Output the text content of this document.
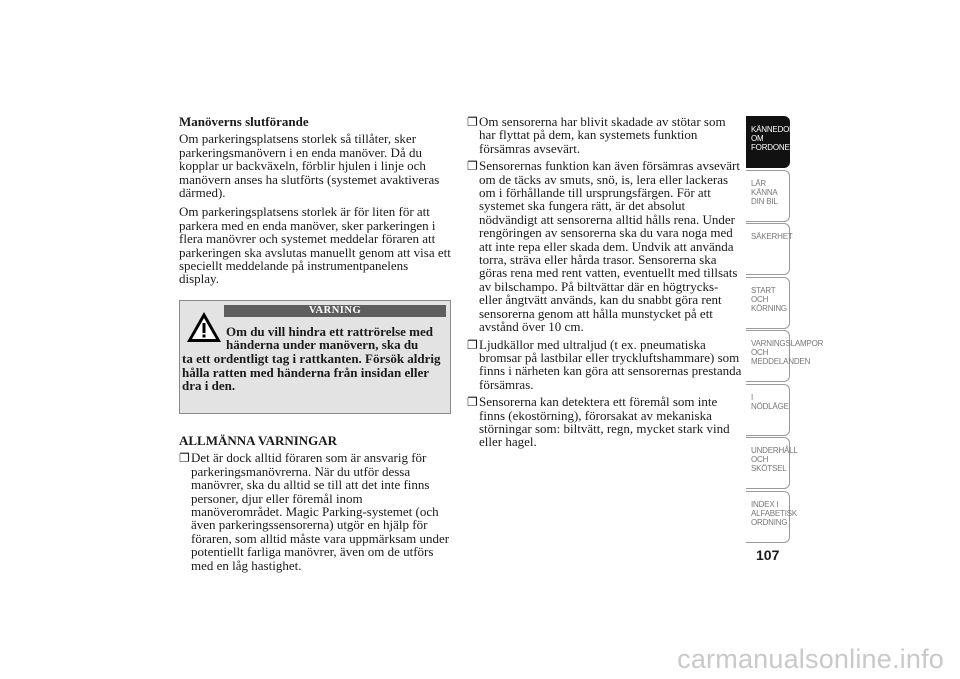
Manöverns slutförande

Om parkeringsplatsens storlek så tillåter, sker parkeringsmanövern i en enda manöver. Då du kopplar ur backväxeln, förblir hjulen i linje och manövern anses ha slutförts (systemet avaktiveras därmed).

Om parkeringsplatsens storlek är för liten för att parkera med en enda manöver, sker parkeringen i flera manövrer och systemet meddelar föraren att parkeringen ska avslutas manuellt genom att visa ett speciellt meddelande på instrumentpanelens display.

VARNING
Om du vill hindra ett rattrörelse med
händerna under manövern, ska du
ta ett ordentligt tag i rattkanten. Försök aldrig hålla ratten med händerna från insidan eller dra i den.
ALLMÄNNA VARNINGAR
❐ Det är dock alltid föraren som är ansvarig för parkeringsmanövrerna. När du utför dessa manövrer, ska du alltid se till att det inte finns personer, djur eller föremål inom manöverområdet. Magic Parking-systemet (och även parkeringssensorerna) utgör en hjälp för föraren, som alltid måste vara uppmärksam under potentiellt farliga manövrer, även om de utförs med en låg hastighet.
❐ Om sensorerna har blivit skadade av stötar som har flyttat på dem, kan systemets funktion försämras avsevärt.
❐ Sensorernas funktion kan även försämras avsevärt om de täcks av smuts, snö, is, lera eller lackeras om i förhållande till ursprungsfärgen. För att systemet ska fungera rätt, är det absolut nödvändigt att sensorerna alltid hålls rena. Under rengöringen av sensorerna ska du vara noga med att inte repa eller skada dem. Undvik att använda torra, sträva eller hårda trasor. Sensorerna ska göras rena med rent vatten, eventuellt med tillsats av bilschampo. På biltvättar där en högtrycks- eller ångtvätt används, kan du snabbt göra rent sensorerna genom att hålla munstycket på ett avstånd över 10 cm.
❐ Ljudkällor med ultraljud (t ex. pneumatiska bromsar på lastbilar eller tryckluftshammare) som finns i närheten kan göra att sensorernas prestanda försämras.
❐ Sensorerna kan detektera ett föremål som inte finns (ekostörning), förorsakat av mekaniska störningar som: biltvätt, regn, mycket stark vind eller hagel.
KÄNNEDOM OM FORDONET
LÄR KÄNNA DIN BIL
SÄKERHET
START OCH KÖRNING
VARNINGSLAMPOR OCH MEDDELANDEN
I NÖDLÄGE
UNDERHÅLL OCH SKÖTSEL
INDEX I ALFABETISK ORDNING
107
carmanualsonline.info
